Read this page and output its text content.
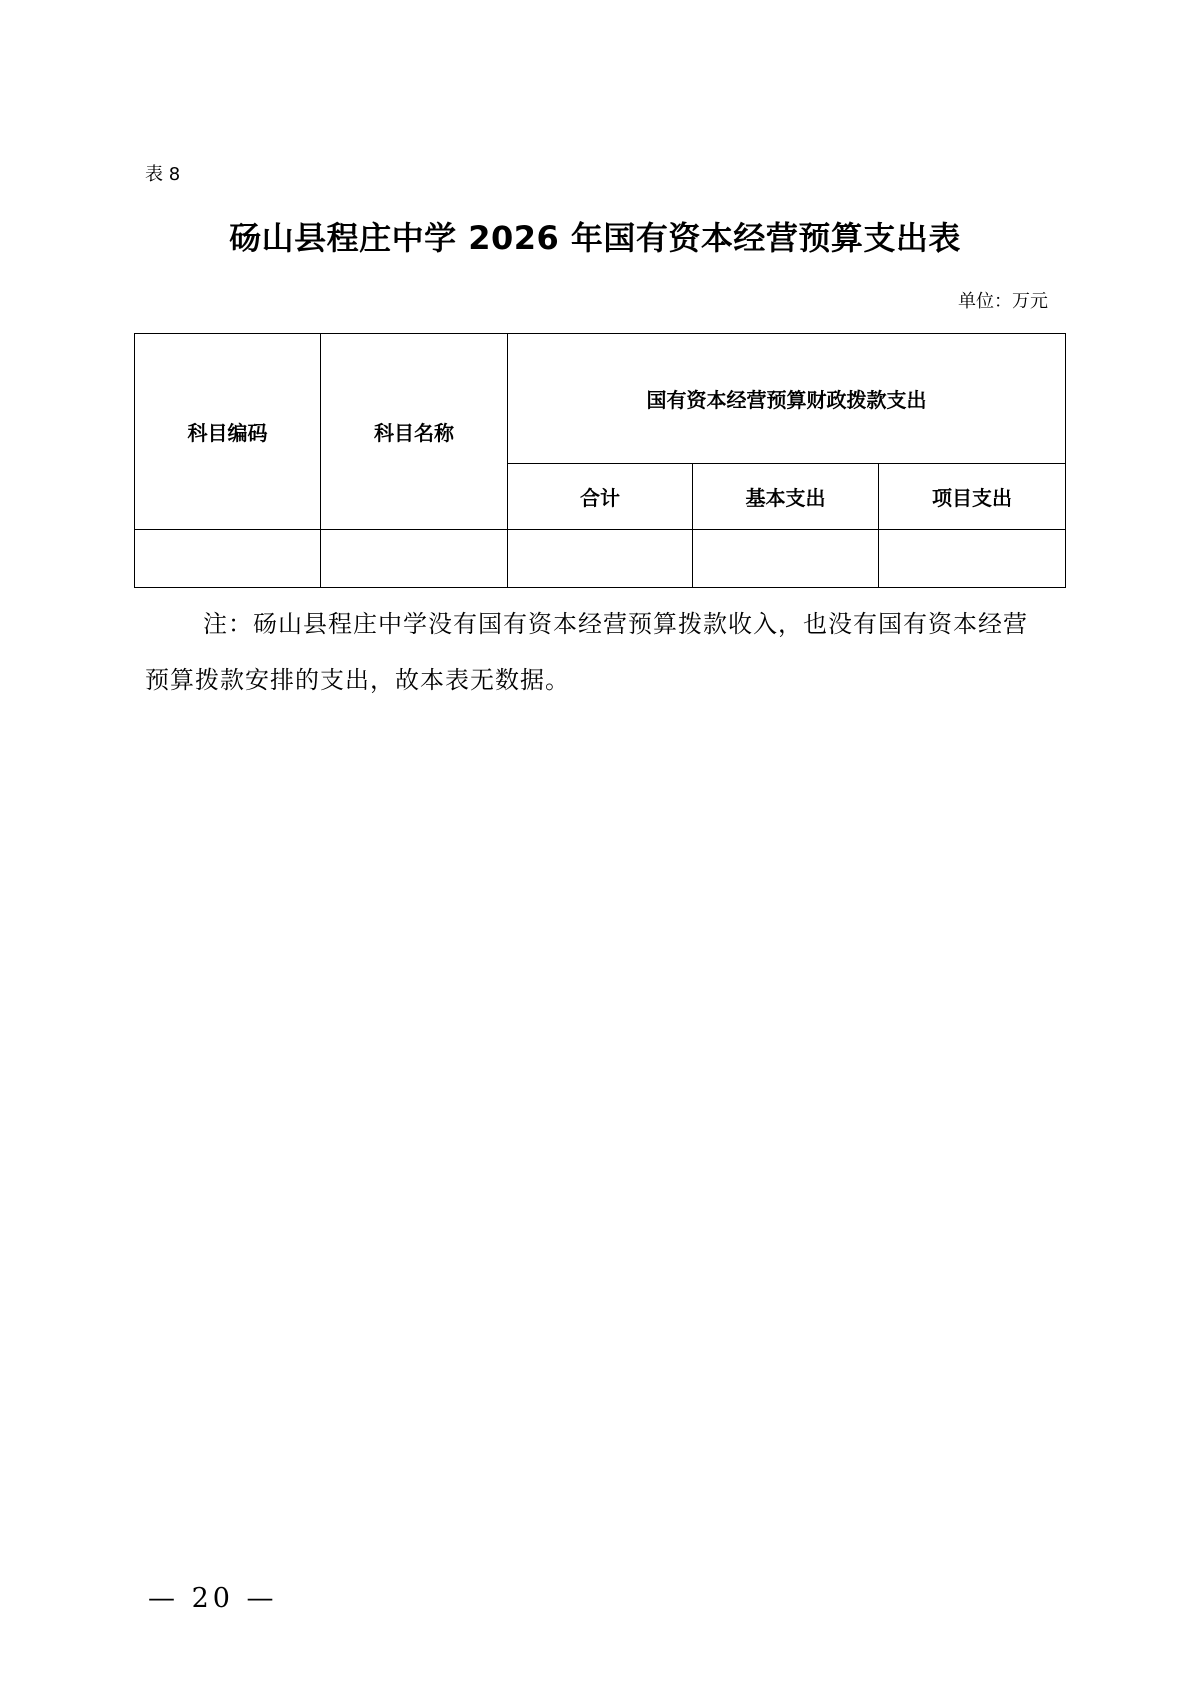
表 8
砀山县程庄中学 2026 年国有资本经营预算支出表
单位：万元
科目编码	科目名称	国有资本经营预算财政拨款支出		
		合计	基本支出	项目支出

注：砀山县程庄中学没有国有资本经营预算拨款收入，也没有国有资本经营预算拨款安排的支出，故本表无数据。

— 20 —
